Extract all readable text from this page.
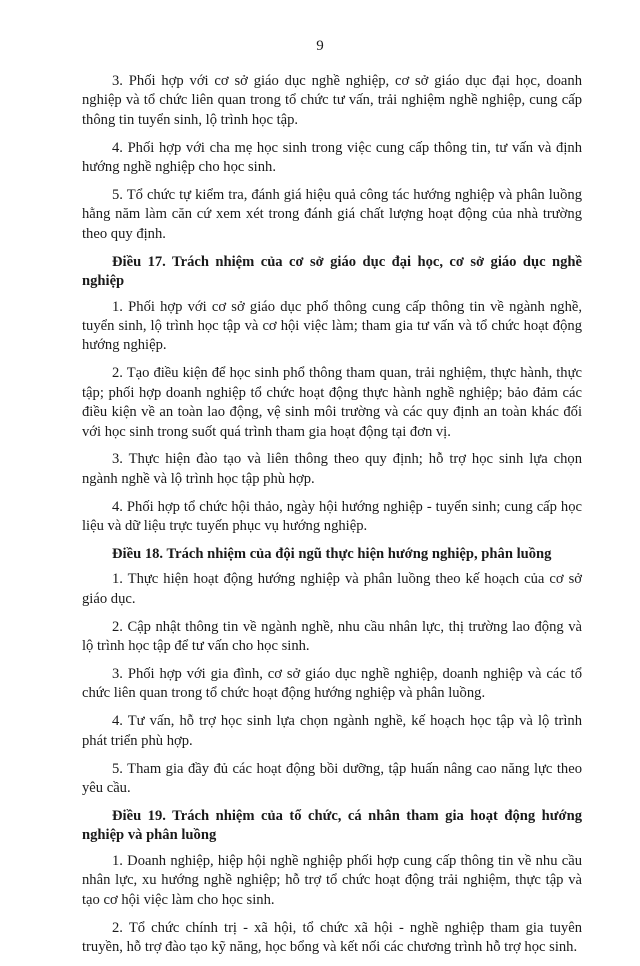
9

3. Phối hợp với cơ sở giáo dục nghề nghiệp, cơ sở giáo dục đại học, doanh nghiệp và tổ chức liên quan trong tổ chức tư vấn, trải nghiệm nghề nghiệp, cung cấp thông tin tuyển sinh, lộ trình học tập.

4. Phối hợp với cha mẹ học sinh trong việc cung cấp thông tin, tư vấn và định hướng nghề nghiệp cho học sinh.

5. Tổ chức tự kiểm tra, đánh giá hiệu quả công tác hướng nghiệp và phân luồng hằng năm làm căn cứ xem xét trong đánh giá chất lượng hoạt động của nhà trường theo quy định.

Điều 17. Trách nhiệm của cơ sở giáo dục đại học, cơ sở giáo dục nghề nghiệp

1. Phối hợp với cơ sở giáo dục phổ thông cung cấp thông tin về ngành nghề, tuyển sinh, lộ trình học tập và cơ hội việc làm; tham gia tư vấn và tổ chức hoạt động hướng nghiệp.

2. Tạo điều kiện để học sinh phổ thông tham quan, trải nghiệm, thực hành, thực tập; phối hợp doanh nghiệp tổ chức hoạt động thực hành nghề nghiệp; bảo đảm các điều kiện về an toàn lao động, vệ sinh môi trường và các quy định an toàn khác đối với học sinh trong suốt quá trình tham gia hoạt động tại đơn vị.

3. Thực hiện đào tạo và liên thông theo quy định; hỗ trợ học sinh lựa chọn ngành nghề và lộ trình học tập phù hợp.

4. Phối hợp tổ chức hội thảo, ngày hội hướng nghiệp - tuyển sinh; cung cấp học liệu và dữ liệu trực tuyến phục vụ hướng nghiệp.

Điều 18. Trách nhiệm của đội ngũ thực hiện hướng nghiệp, phân luồng

1. Thực hiện hoạt động hướng nghiệp và phân luồng theo kế hoạch của cơ sở giáo dục.

2. Cập nhật thông tin về ngành nghề, nhu cầu nhân lực, thị trường lao động và lộ trình học tập để tư vấn cho học sinh.

3. Phối hợp với gia đình, cơ sở giáo dục nghề nghiệp, doanh nghiệp và các tổ chức liên quan trong tổ chức hoạt động hướng nghiệp và phân luồng.

4. Tư vấn, hỗ trợ học sinh lựa chọn ngành nghề, kế hoạch học tập và lộ trình phát triển phù hợp.

5. Tham gia đầy đủ các hoạt động bồi dưỡng, tập huấn nâng cao năng lực theo yêu cầu.

Điều 19. Trách nhiệm của tổ chức, cá nhân tham gia hoạt động hướng nghiệp và phân luồng

1. Doanh nghiệp, hiệp hội nghề nghiệp phối hợp cung cấp thông tin về nhu cầu nhân lực, xu hướng nghề nghiệp; hỗ trợ tổ chức hoạt động trải nghiệm, thực tập và tạo cơ hội việc làm cho học sinh.

2. Tổ chức chính trị - xã hội, tổ chức xã hội - nghề nghiệp tham gia tuyên truyền, hỗ trợ đào tạo kỹ năng, học bổng và kết nối các chương trình hỗ trợ học sinh.
